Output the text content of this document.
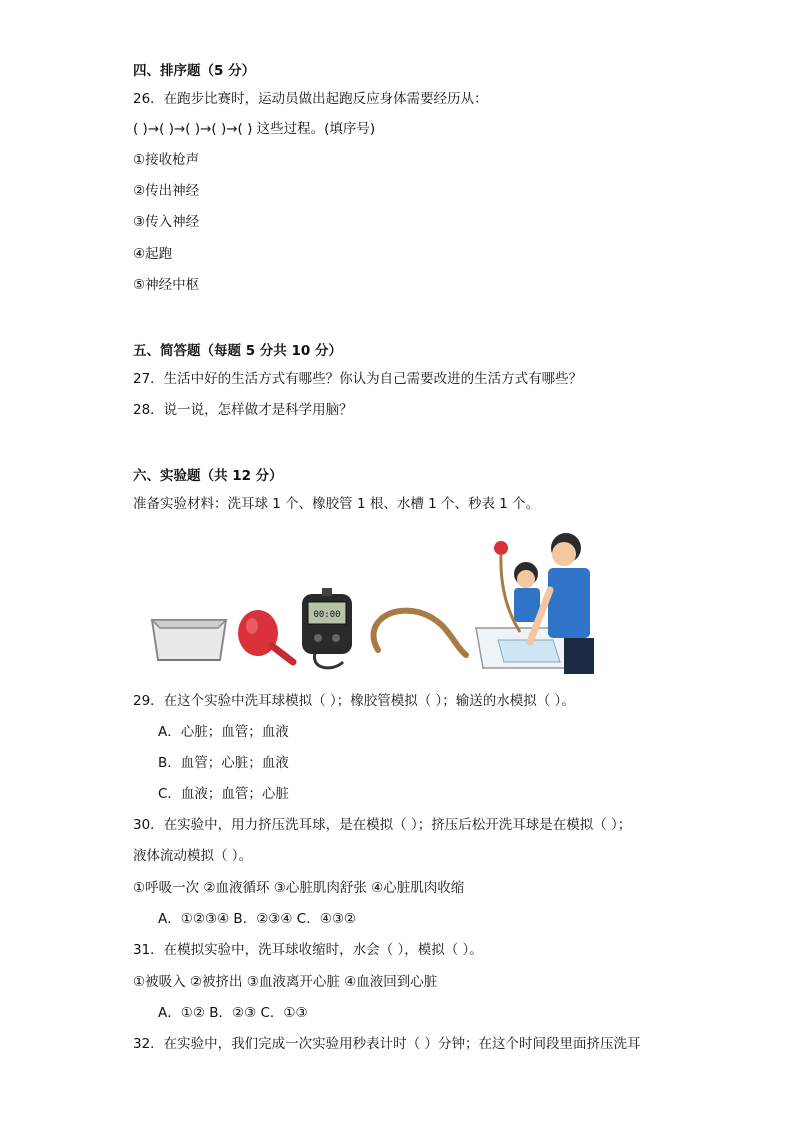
四、排序题（5 分）
26．在跑步比赛时，运动员做出起跑反应身体需要经历从：
( )→( )→( )→( )→( ) 这些过程。(填序号)
①接收枪声
②传出神经
③传入神经
④起跑
⑤神经中枢
五、简答题（每题 5 分共 10 分）
27．生活中好的生活方式有哪些？你认为自己需要改进的生活方式有哪些？
28．说一说，怎样做才是科学用脑？
六、实验题（共 12 分）
准备实验材料：洗耳球 1 个、橡胶管 1 根、水槽 1 个、秒表 1 个。
00:00
29．在这个实验中洗耳球模拟（ ）；橡胶管模拟（ ）；输送的水模拟（ ）。
A．心脏；血管；血液
B．血管；心脏；血液
C．血液；血管；心脏
30．在实验中，用力挤压洗耳球，是在模拟（ ）；挤压后松开洗耳球是在模拟（ ）；
液体流动模拟（ ）。
①呼吸一次 ②血液循环 ③心脏肌肉舒张 ④心脏肌肉收缩
A．①②③④ B．②③④ C．④③②
31．在模拟实验中，洗耳球收缩时，水会（ ），模拟（ ）。
①被吸入 ②被挤出 ③血液离开心脏 ④血液回到心脏
A．①② B．②③ C．①③
32．在实验中，我们完成一次实验用秒表计时（ ）分钟；在这个时间段里面挤压洗耳
